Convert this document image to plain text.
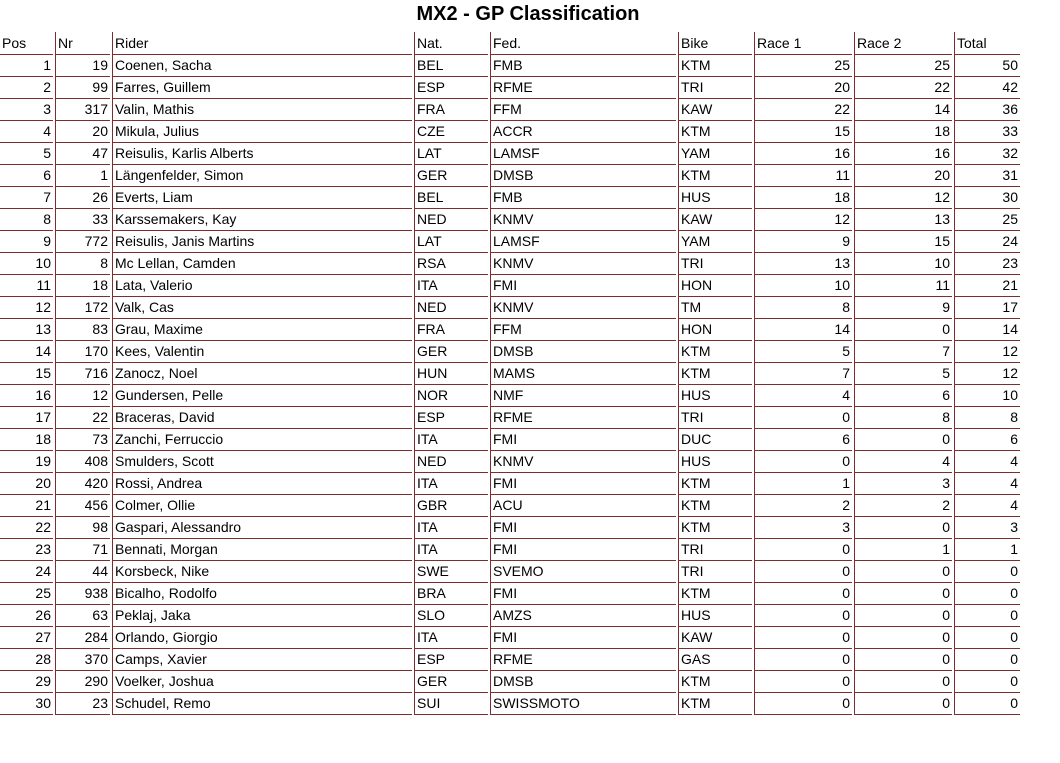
MX2 - GP Classification
Pos	Nr	Rider	Nat.	Fed.	Bike	Race 1	Race 2	Total
1	19	Coenen, Sacha	BEL	FMB	KTM	25	25	50
2	99	Farres, Guillem	ESP	RFME	TRI	20	22	42
3	317	Valin, Mathis	FRA	FFM	KAW	22	14	36
4	20	Mikula, Julius	CZE	ACCR	KTM	15	18	33
5	47	Reisulis, Karlis Alberts	LAT	LAMSF	YAM	16	16	32
6	1	Längenfelder, Simon	GER	DMSB	KTM	11	20	31
7	26	Everts, Liam	BEL	FMB	HUS	18	12	30
8	33	Karssemakers, Kay	NED	KNMV	KAW	12	13	25
9	772	Reisulis, Janis Martins	LAT	LAMSF	YAM	9	15	24
10	8	Mc Lellan, Camden	RSA	KNMV	TRI	13	10	23
11	18	Lata, Valerio	ITA	FMI	HON	10	11	21
12	172	Valk, Cas	NED	KNMV	TM	8	9	17
13	83	Grau, Maxime	FRA	FFM	HON	14	0	14
14	170	Kees, Valentin	GER	DMSB	KTM	5	7	12
15	716	Zanocz, Noel	HUN	MAMS	KTM	7	5	12
16	12	Gundersen, Pelle	NOR	NMF	HUS	4	6	10
17	22	Braceras, David	ESP	RFME	TRI	0	8	8
18	73	Zanchi, Ferruccio	ITA	FMI	DUC	6	0	6
19	408	Smulders, Scott	NED	KNMV	HUS	0	4	4
20	420	Rossi, Andrea	ITA	FMI	KTM	1	3	4
21	456	Colmer, Ollie	GBR	ACU	KTM	2	2	4
22	98	Gaspari, Alessandro	ITA	FMI	KTM	3	0	3
23	71	Bennati, Morgan	ITA	FMI	TRI	0	1	1
24	44	Korsbeck, Nike	SWE	SVEMO	TRI	0	0	0
25	938	Bicalho, Rodolfo	BRA	FMI	KTM	0	0	0
26	63	Peklaj, Jaka	SLO	AMZS	HUS	0	0	0
27	284	Orlando, Giorgio	ITA	FMI	KAW	0	0	0
28	370	Camps, Xavier	ESP	RFME	GAS	0	0	0
29	290	Voelker, Joshua	GER	DMSB	KTM	0	0	0
30	23	Schudel, Remo	SUI	SWISSMOTO	KTM	0	0	0
